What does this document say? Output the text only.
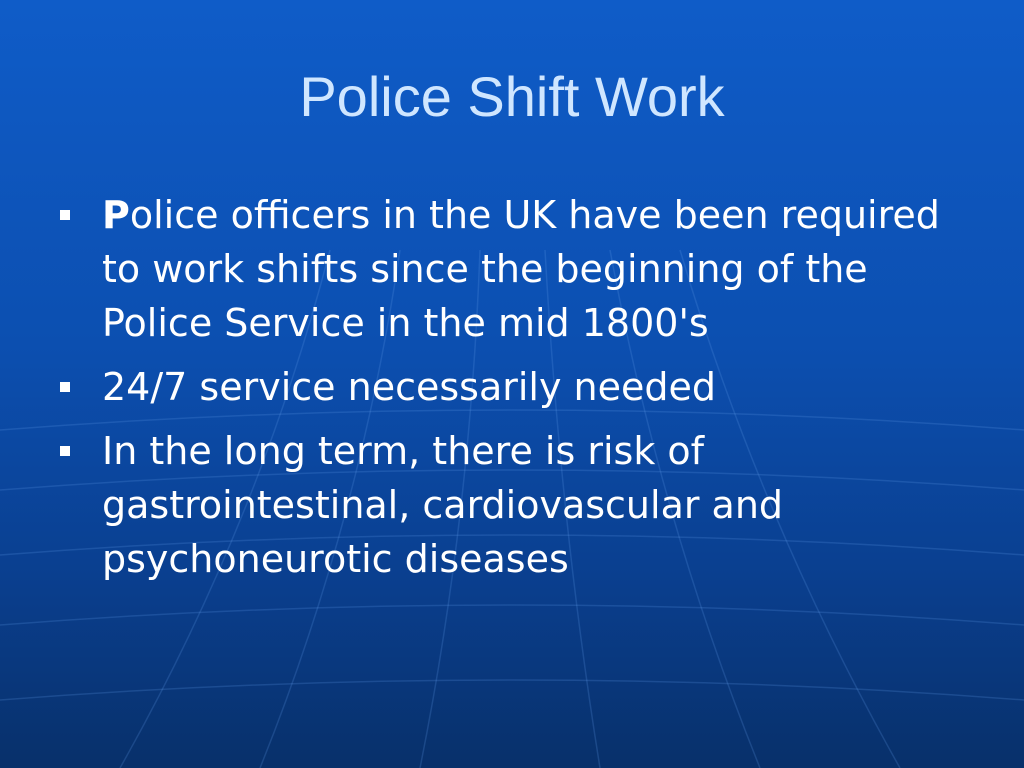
Police Shift Work
Police officers in the UK have been required to work shifts since the beginning of the Police Service in the mid 1800's
24/7 service necessarily needed
In the long term, there is risk of gastrointestinal, cardiovascular and psychoneurotic diseases
